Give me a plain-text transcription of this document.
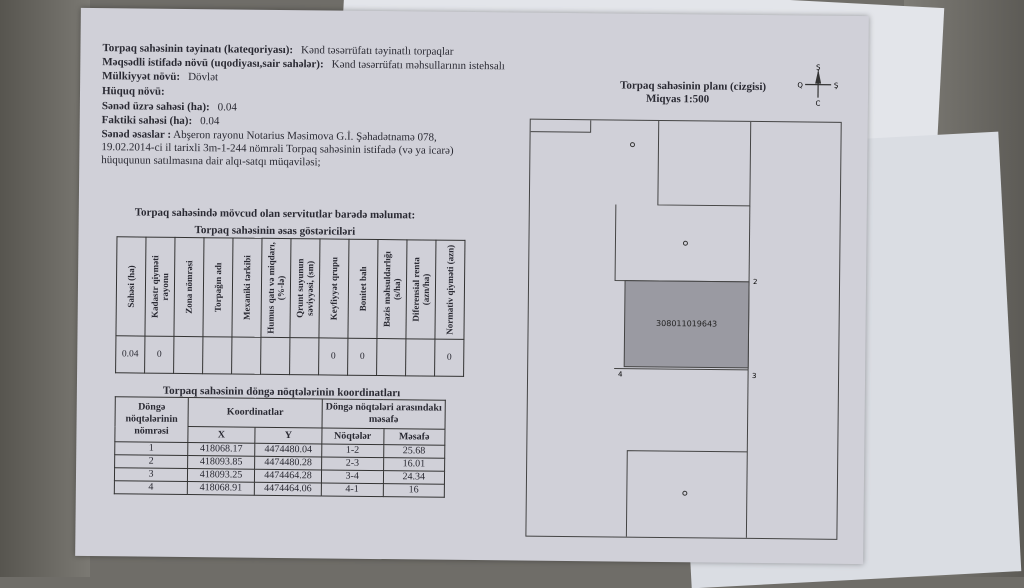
Torpaq sahəsinin təyinatı (kateqoriyası): Kənd təsərrüfatı təyinatlı torpaqlar
Məqsədli istifadə növü (uqodiyası,sair sahələr): Kənd təsərrüfatı məhsullarının istehsalı
Mülkiyyət növü: Dövlət
Hüquq növü:
Sənəd üzrə sahəsi (ha): 0.04
Faktiki sahəsi (ha): 0.04
Sənəd əsaslar : Abşeron rayonu Notarius Məsimova G.İ. Şəhadətnamə 078, 19.02.2014-ci il tarixli 3m-1-244 nömrəli Torpaq sahəsinin istifadə (və ya icarə) hüququnun satılmasına dair alqı-satqı müqaviləsi;
Torpaq sahəsində mövcud olan servitutlar barədə məlumat:
Torpaq sahəsinin əsas göstəriciləri
Sahəsi (ha)	Kadastr qiyməti rayonu	Zona nömrəsi	Torpağın adı	Mexaniki tərkibi	Humus qatı və miqdarı, (%-lə)	Qrunt suyunun səviyyəsi, (sm)	Keyfiyyət qrupu	Bonitet balı	Bazis məhsuldarlığı (s/ha)	Diferensial renta (azn/ha)	Normativ qiyməti (azn)

0.04	0						0	0			0
Torpaq sahəsinin döngə nöqtələrinin koordinatları
Döngə nöqtələrinin nömrəsi	Koordinatlar		Döngə nöqtələri arasındakı məsafə	
	X	Y	Nöqtələr	Məsafə
1	418068.17	4474480.04	1-2	25.68
2	418093.85	4474480.28	2-3	16.01
3	418093.25	4474464.28	3-4	24.34
4	418068.91	4474464.06	4-1	16
Torpaq sahəsinin planı (cizgisi)
Miqyas 1:500
Ş
C
Q	Ş
308011019643
2
3
4
